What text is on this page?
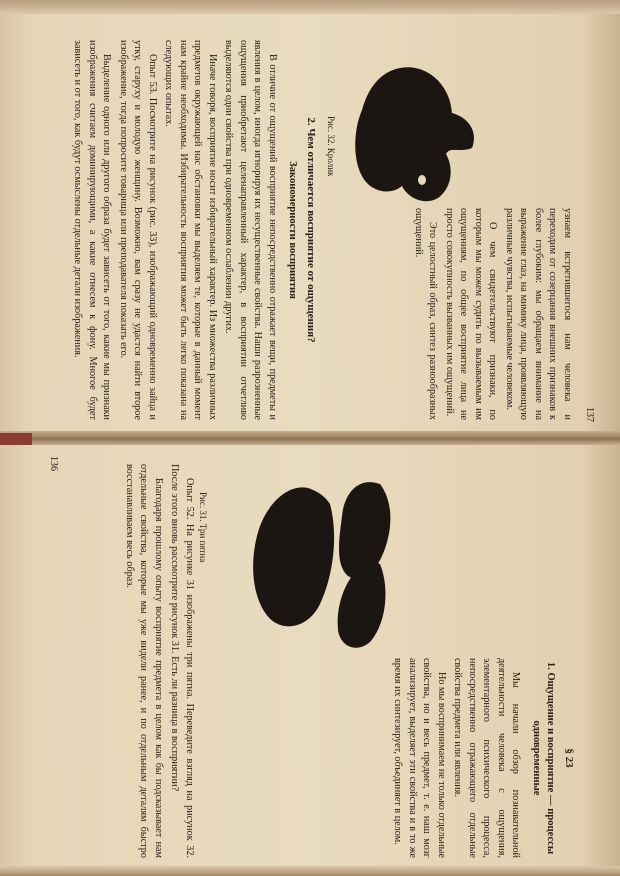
137
Рис. 32. Кролик

узнаем встретившегося нам человека и переходим от созерцания внешних признаков к более глубоким: мы обращаем внимание на выражение глаз, на мимику лица, проявляющую различные чувства, испытываемые человеком.

О чем свидетельствуют признаки, по которым мы можем судить по вызываемым им ощущениям, по общее восприятие лица не просто совокупность вызванных им ощущений.

Это целостный образ, синтез разнообразных ощущений.

2. Чем отличается восприятие от ощущения?
Закономерности восприятия

В отличие от ощущений восприятие непосредственно отражает вещи, предметы и явления в целом, иногда игнорируя их несущественные свойства. Наши разрозненные ощущения приобретают целенаправленный характер, в восприятии отчетливо выделяются одни свойства при одновременном ослаблении других.

Иначе говоря, восприятие носит избирательный характер. Из множества различных предметов окружающей нас обстановки мы выделяем те, которые в данный момент нам крайне необходимы. Избирательность восприятия может быть легко показана на следующих опытах.

Опыт 53. Посмотрите на рисунок (рис. 33), изображающий одновременно зайца и утку, старуху и молодую женщину. Возможно, вам сразу не удастся найти второе изображение, тогда попросите товарища или преподавателя показать его.

Выделение одного или другого образа будет зависеть от того, какие мы признаки изображения считаем доминирующими, а какие отнесем к фону. Многое будет зависеть и от того, как будут осмыслены отдельные детали изображения.

136
Рис. 31. Три пятна
§ 23
1. Ощущение и восприятие — процессы одновременные

Мы начали обзор познавательной деятельности человека с ощущения, элементарного психического процесса, непосредственно отражающего отдельные свойства предмета или явления.

Но мы воспринимаем не только отдельные свойства, но и весь предмет, т. е. наш мозг анализирует, выделяет эти свойства и в то же время их синтезирует, объединяет в целом.

Опыт 52. На рисунке 31 изображены три пятна. Переведите взгляд на рисунок 32. После этого вновь рассмотрите рисунок 31. Есть ли разница в восприятии?

Благодаря прошлому опыту восприятие предмета в целом как бы подсказывает нам отдельные свойства, которые мы уже видели ранее, и по отдельным деталям быстро восстанавливаем весь образ.
